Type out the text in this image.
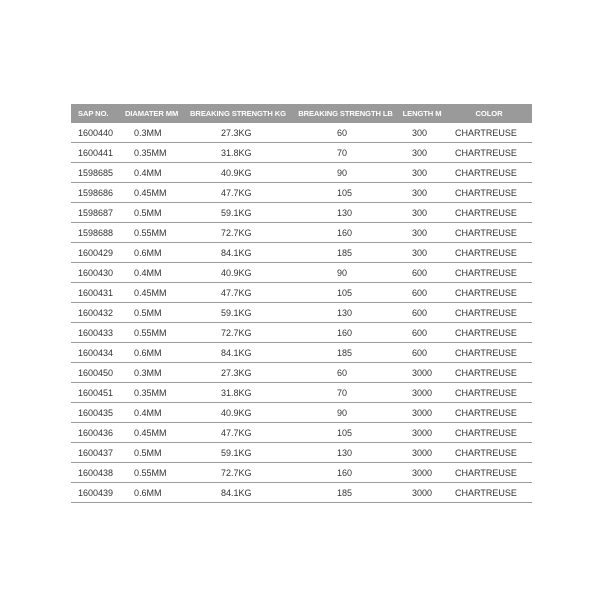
SAP NO.	DIAMATER MM	BREAKING STRENGTH KG	BREAKING STRENGTH LB	LENGTH M	COLOR
1600440	0.3MM	27.3KG	60	300	CHARTREUSE
1600441	0.35MM	31.8KG	70	300	CHARTREUSE
1598685	0.4MM	40.9KG	90	300	CHARTREUSE
1598686	0.45MM	47.7KG	105	300	CHARTREUSE
1598687	0.5MM	59.1KG	130	300	CHARTREUSE
1598688	0.55MM	72.7KG	160	300	CHARTREUSE
1600429	0.6MM	84.1KG	185	300	CHARTREUSE
1600430	0.4MM	40.9KG	90	600	CHARTREUSE
1600431	0.45MM	47.7KG	105	600	CHARTREUSE
1600432	0.5MM	59.1KG	130	600	CHARTREUSE
1600433	0.55MM	72.7KG	160	600	CHARTREUSE
1600434	0.6MM	84.1KG	185	600	CHARTREUSE
1600450	0.3MM	27.3KG	60	3000	CHARTREUSE
1600451	0.35MM	31.8KG	70	3000	CHARTREUSE
1600435	0.4MM	40.9KG	90	3000	CHARTREUSE
1600436	0.45MM	47.7KG	105	3000	CHARTREUSE
1600437	0.5MM	59.1KG	130	3000	CHARTREUSE
1600438	0.55MM	72.7KG	160	3000	CHARTREUSE
1600439	0.6MM	84.1KG	185	3000	CHARTREUSE
